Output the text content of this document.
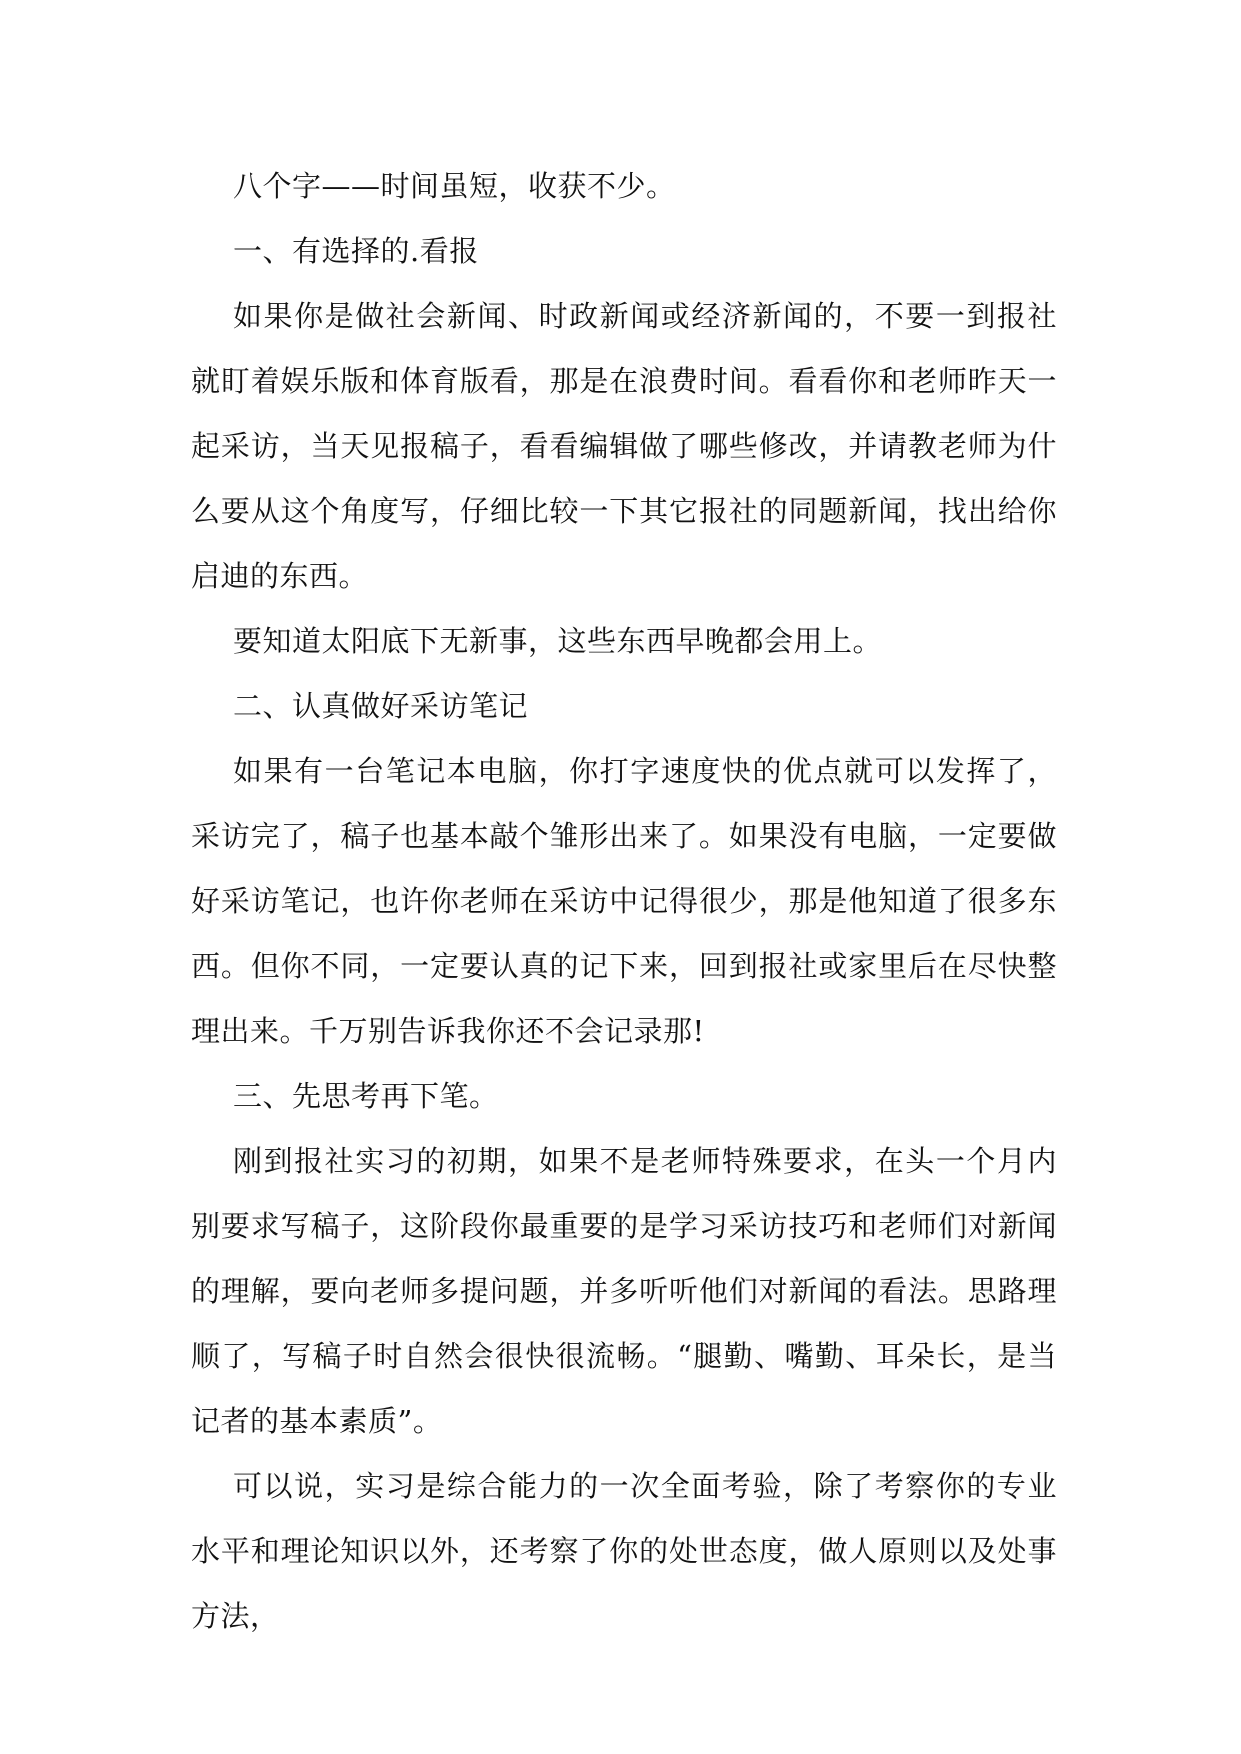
八个字——时间虽短，收获不少。

一、有选择的.看报

如果你是做社会新闻、时政新闻或经济新闻的，不要一到报社就盯着娱乐版和体育版看，那是在浪费时间。看看你和老师昨天一起采访，当天见报稿子，看看编辑做了哪些修改，并请教老师为什么要从这个角度写，仔细比较一下其它报社的同题新闻，找出给你启迪的东西。

要知道太阳底下无新事，这些东西早晚都会用上。

二、认真做好采访笔记

如果有一台笔记本电脑，你打字速度快的优点就可以发挥了，采访完了，稿子也基本敲个雏形出来了。如果没有电脑，一定要做好采访笔记，也许你老师在采访中记得很少，那是他知道了很多东西。但你不同，一定要认真的记下来，回到报社或家里后在尽快整理出来。千万别告诉我你还不会记录那!

三、先思考再下笔。

刚到报社实习的初期，如果不是老师特殊要求，在头一个月内别要求写稿子，这阶段你最重要的是学习采访技巧和老师们对新闻的理解，要向老师多提问题，并多听听他们对新闻的看法。思路理顺了，写稿子时自然会很快很流畅。“腿勤、嘴勤、耳朵长，是当记者的基本素质”。

可以说，实习是综合能力的一次全面考验，除了考察你的专业水平和理论知识以外，还考察了你的处世态度，做人原则以及处事方法，
